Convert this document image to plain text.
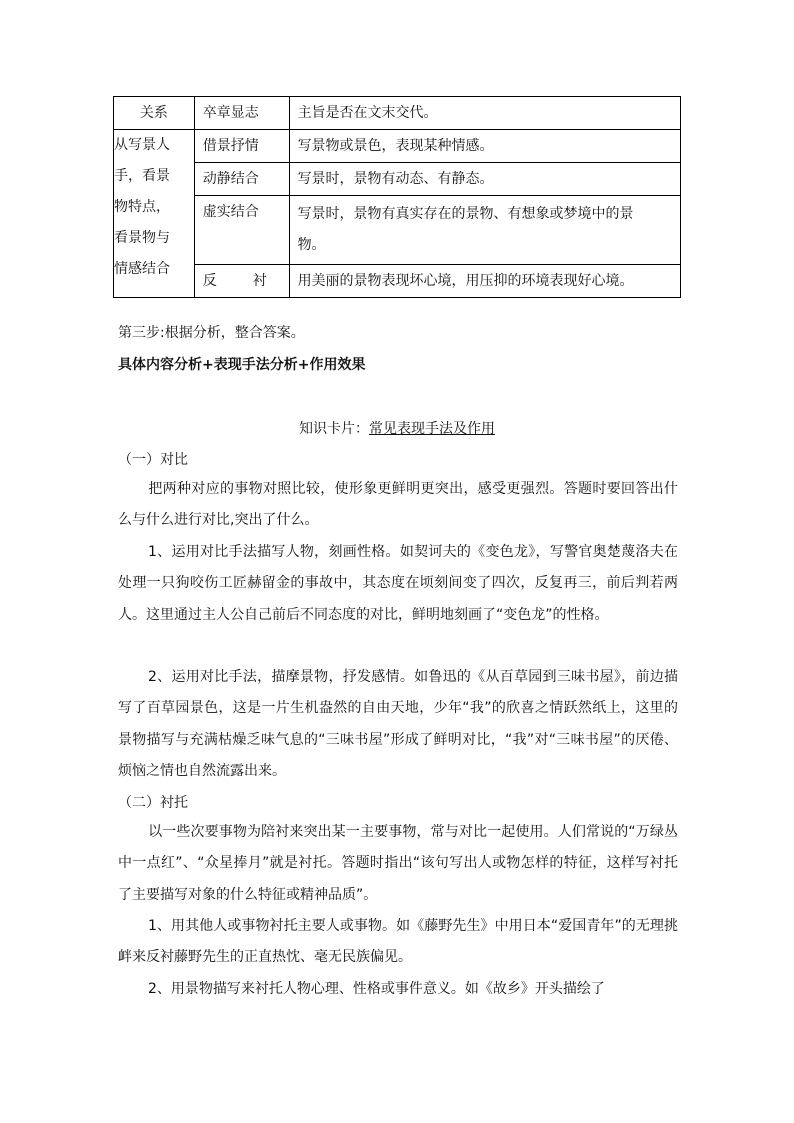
关系	卒章显志	主旨是否在文末交代。

从写景人
手，看景
物特点，
看景物与
情感结合	借景抒情	写景物或景色，表现某种情感。

	动静结合	写景时，景物有动态、有静态。

	虚实结合	写景时，景物有真实存在的景物、有想象或梦境中的景
物。

	反 衬	用美丽的景物表现坏心境，用压抑的环境表现好心境。
第三步:根据分析，整合答案。
具体内容分析+表现手法分析+作用效果
知识卡片：常见表现手法及作用
（一）对比
把两种对应的事物对照比较，使形象更鲜明更突出，感受更强烈。答题时要回答出什么与什么进行对比,突出了什么。
1、运用对比手法描写人物，刻画性格。如契诃夫的《变色龙》，写警官奥楚蔑洛夫在处理一只狗咬伤工匠赫留金的事故中，其态度在顷刻间变了四次，反复再三，前后判若两人。这里通过主人公自己前后不同态度的对比，鲜明地刻画了“变色龙”的性格。
2、运用对比手法，描摩景物，抒发感情。如鲁迅的《从百草园到三味书屋》，前边描写了百草园景色，这是一片生机盎然的自由天地，少年“我”的欣喜之情跃然纸上，这里的景物描写与充满枯燥乏味气息的“三味书屋”形成了鲜明对比，“我”对“三味书屋”的厌倦、烦恼之情也自然流露出来。
（二）衬托
以一些次要事物为陪衬来突出某一主要事物，常与对比一起使用。人们常说的“万绿丛中一点红”、“众星捧月”就是衬托。答题时指出“该句写出人或物怎样的特征，这样写衬托了主要描写对象的什么特征或精神品质”。
1、用其他人或事物衬托主要人或事物。如《藤野先生》中用日本“爱国青年”的无理挑衅来反衬藤野先生的正直热忱、毫无民族偏见。
2、用景物描写来衬托人物心理、性格或事件意义。如《故乡》开头描绘了
